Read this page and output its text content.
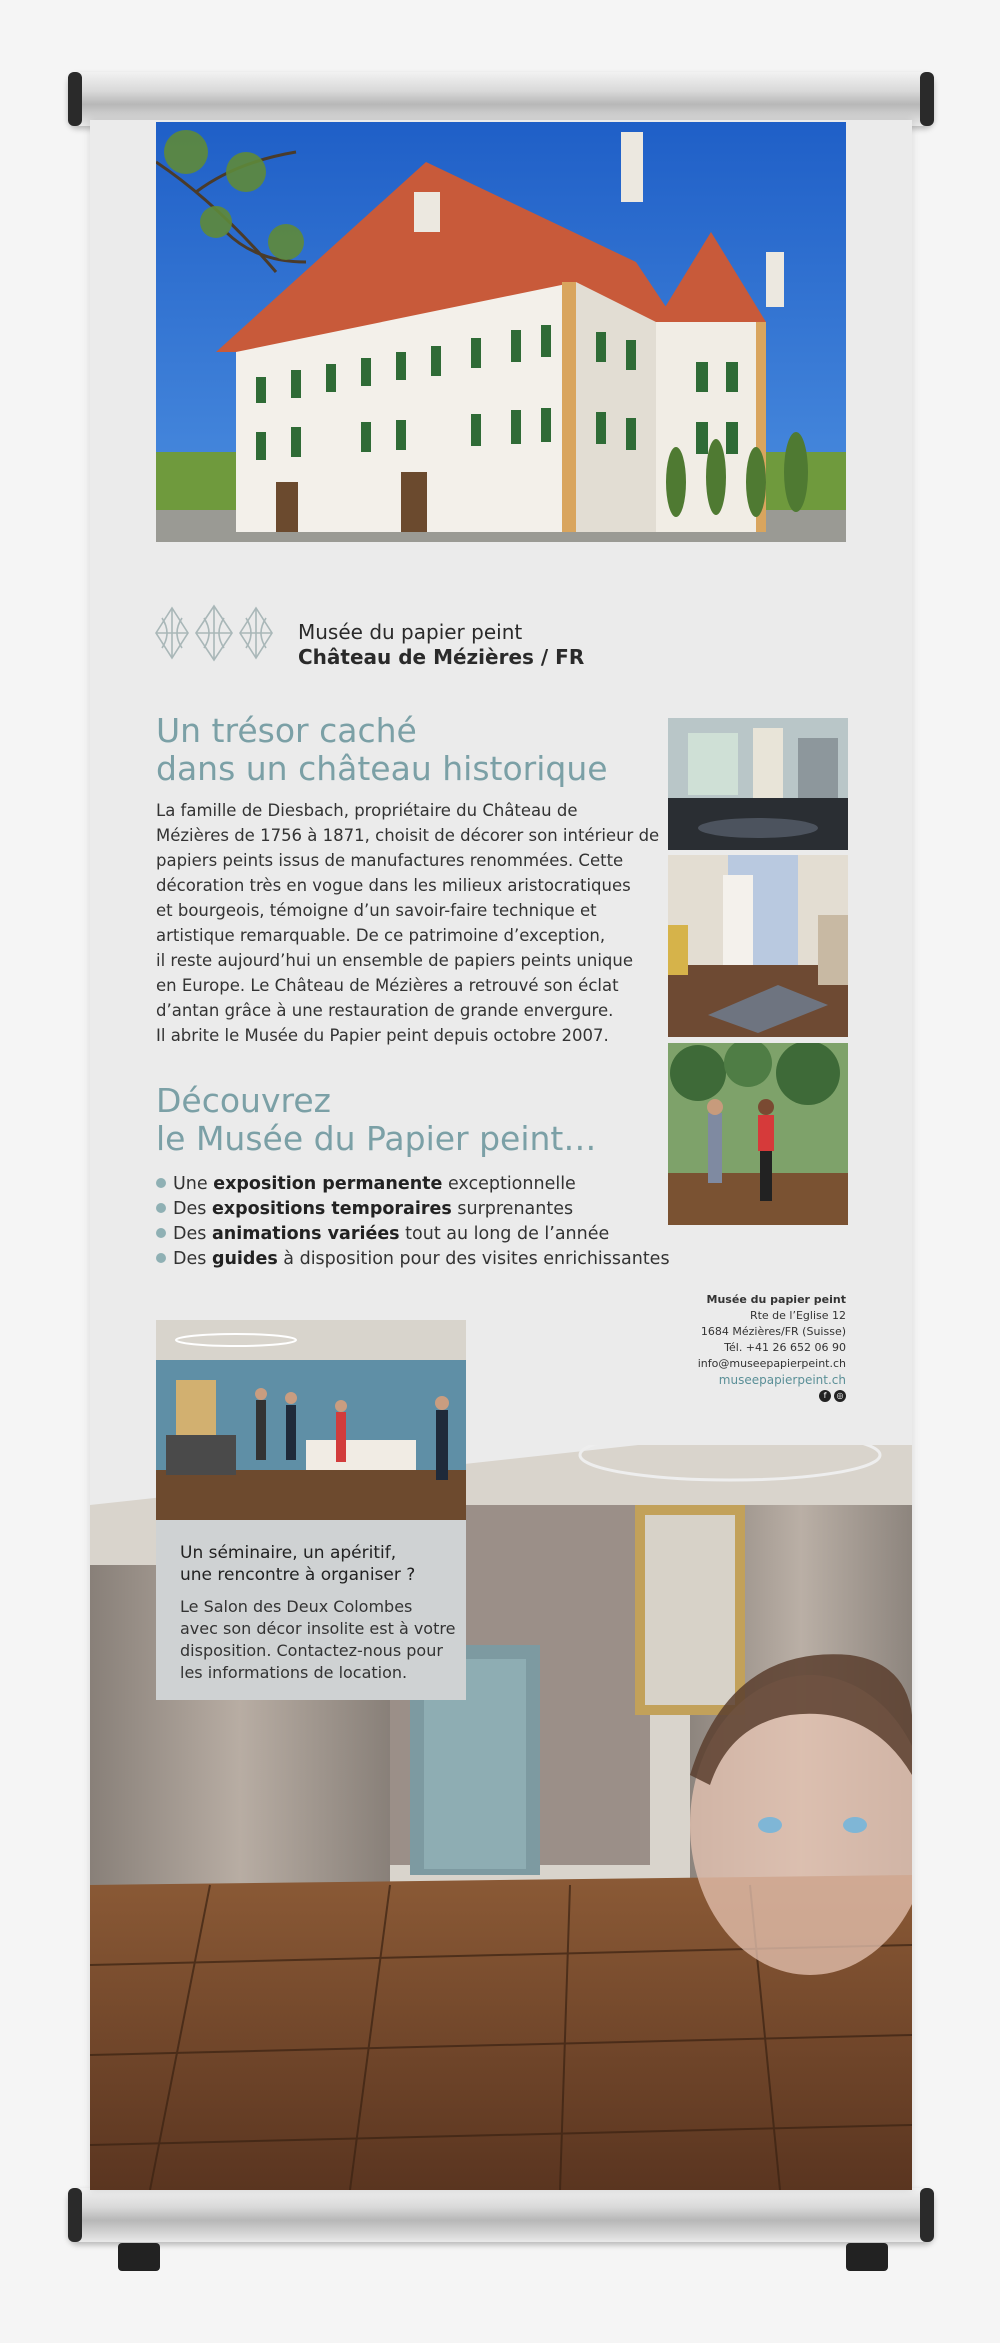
Musée du papier peint
Château de Mézières / FR
Un trésor caché
dans un château historique
La famille de Diesbach, propriétaire du Château de
Mézières de 1756 à 1871, choisit de décorer son intérieur de
papiers peints issus de manufactures renommées. Cette
décoration très en vogue dans les milieux aristocratiques
et bourgeois, témoigne d’un savoir-faire technique et
artistique remarquable. De ce patrimoine d’exception,
il reste aujourd’hui un ensemble de papiers peints unique
en Europe. Le Château de Mézières a retrouvé son éclat
d’antan grâce à une restauration de grande envergure.
Il abrite le Musée du Papier peint depuis octobre 2007.
Découvrez
le Musée du Papier peint…
Une exposition permanente exceptionnelle
Des expositions temporaires surprenantes
Des animations variées tout au long de l’année
Des guides à disposition pour des visites enrichissantes
Musée du papier peint
Rte de l’Eglise 12
1684 Mézières/FR (Suisse)
Tél. +41 26 652 06 90
info@museepapierpeint.ch
museepapierpeint.ch
f ◎
Un séminaire, un apéritif,
une rencontre à organiser ?
Le Salon des Deux Colombes
avec son décor insolite est à votre
disposition. Contactez-nous pour
les informations de location.
